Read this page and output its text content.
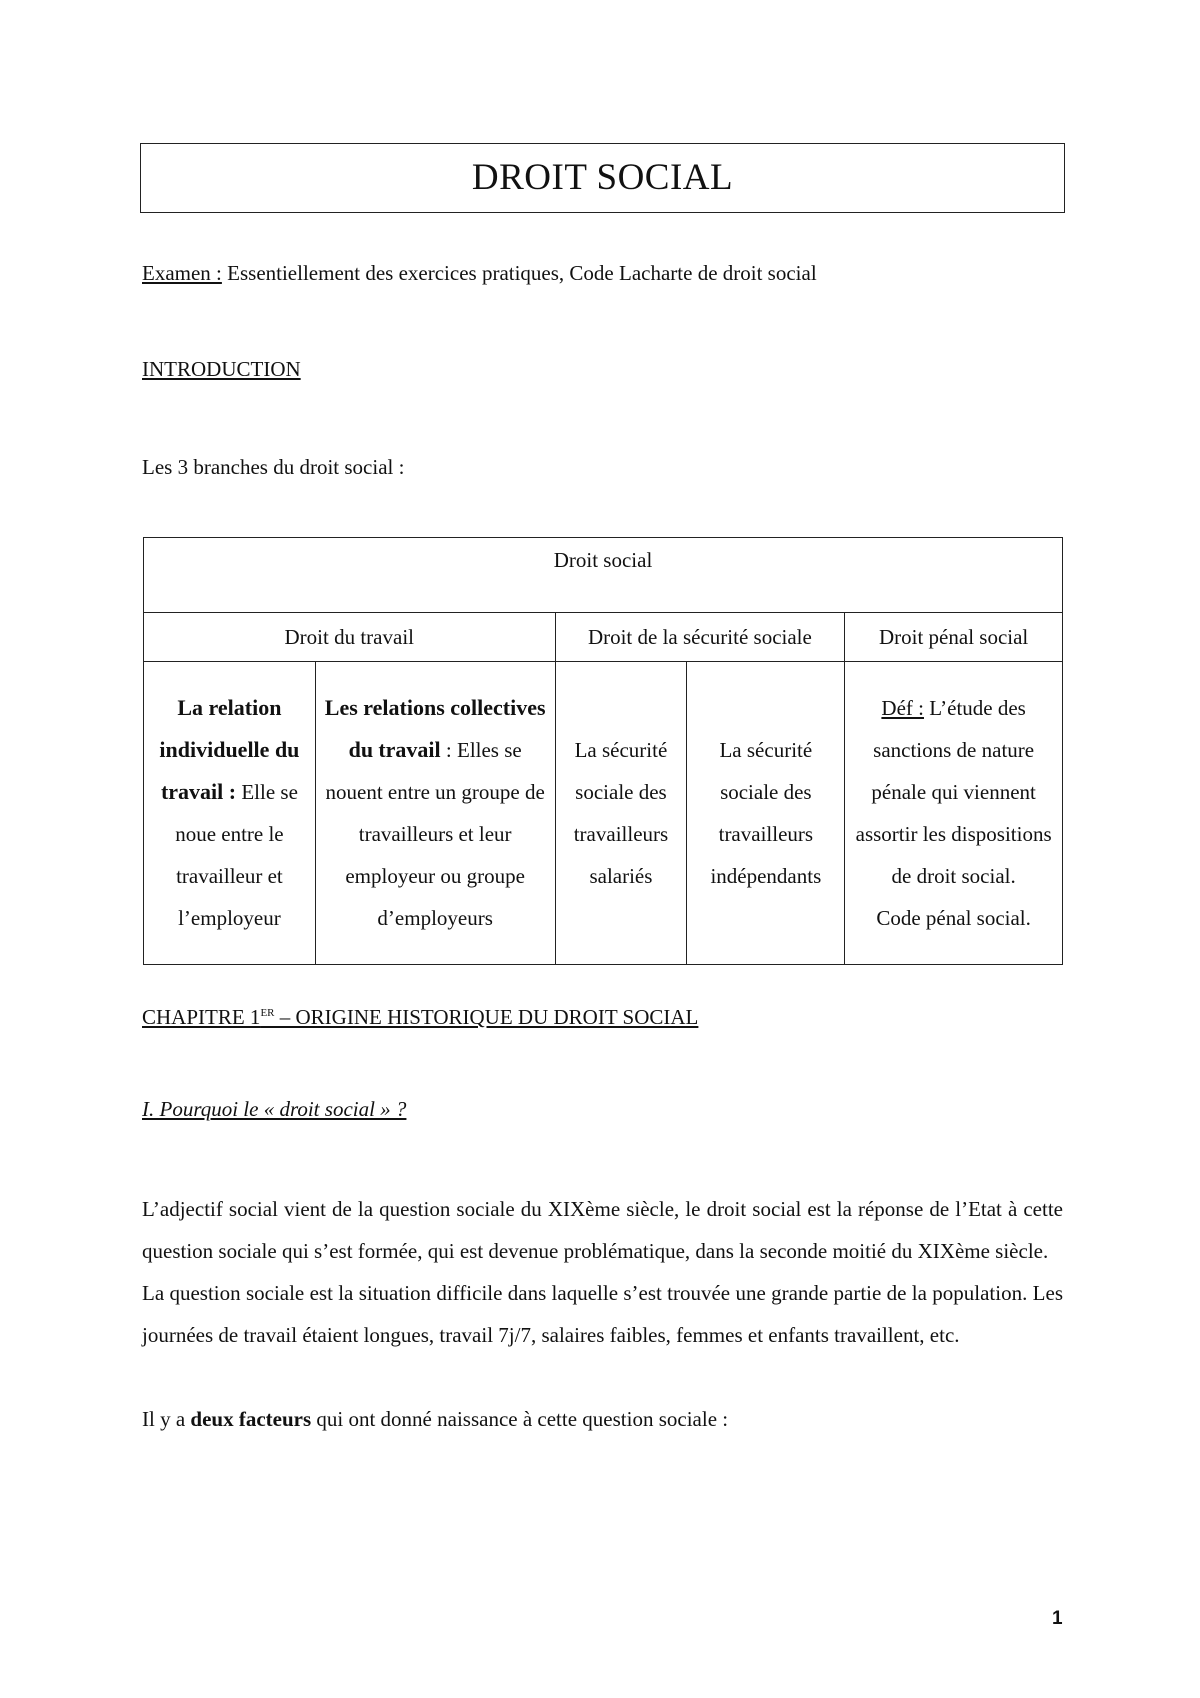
DROIT SOCIAL
Examen : Essentiellement des exercices pratiques, Code Lacharte de droit social
INTRODUCTION
Les 3 branches du droit social :
Droit social				
Droit du travail		Droit de la sécurité sociale		Droit pénal social
La relation individuelle du travail : Elle se noue entre le travailleur et l’employeur	Les relations collectives du travail : Elles se nouent entre un groupe de travailleurs et leur employeur ou groupe d’employeurs	La sécurité sociale des travailleurs salariés	La sécurité sociale des travailleurs indépendants	Déf : L’étude des sanctions de nature pénale qui viennent assortir les dispositions de droit social.
Code pénal social.
CHAPITRE 1ER – ORIGINE HISTORIQUE DU DROIT SOCIAL
I. Pourquoi le « droit social » ?

L’adjectif social vient de la question sociale du XIXème siècle, le droit social est la réponse de l’Etat à cette question sociale qui s’est formée, qui est devenue problématique, dans la seconde moitié du XIXème siècle.

La question sociale est la situation difficile dans laquelle s’est trouvée une grande partie de la population. Les journées de travail étaient longues, travail 7j/7, salaires faibles, femmes et enfants travaillent, etc.

Il y a deux facteurs qui ont donné naissance à cette question sociale :

1
